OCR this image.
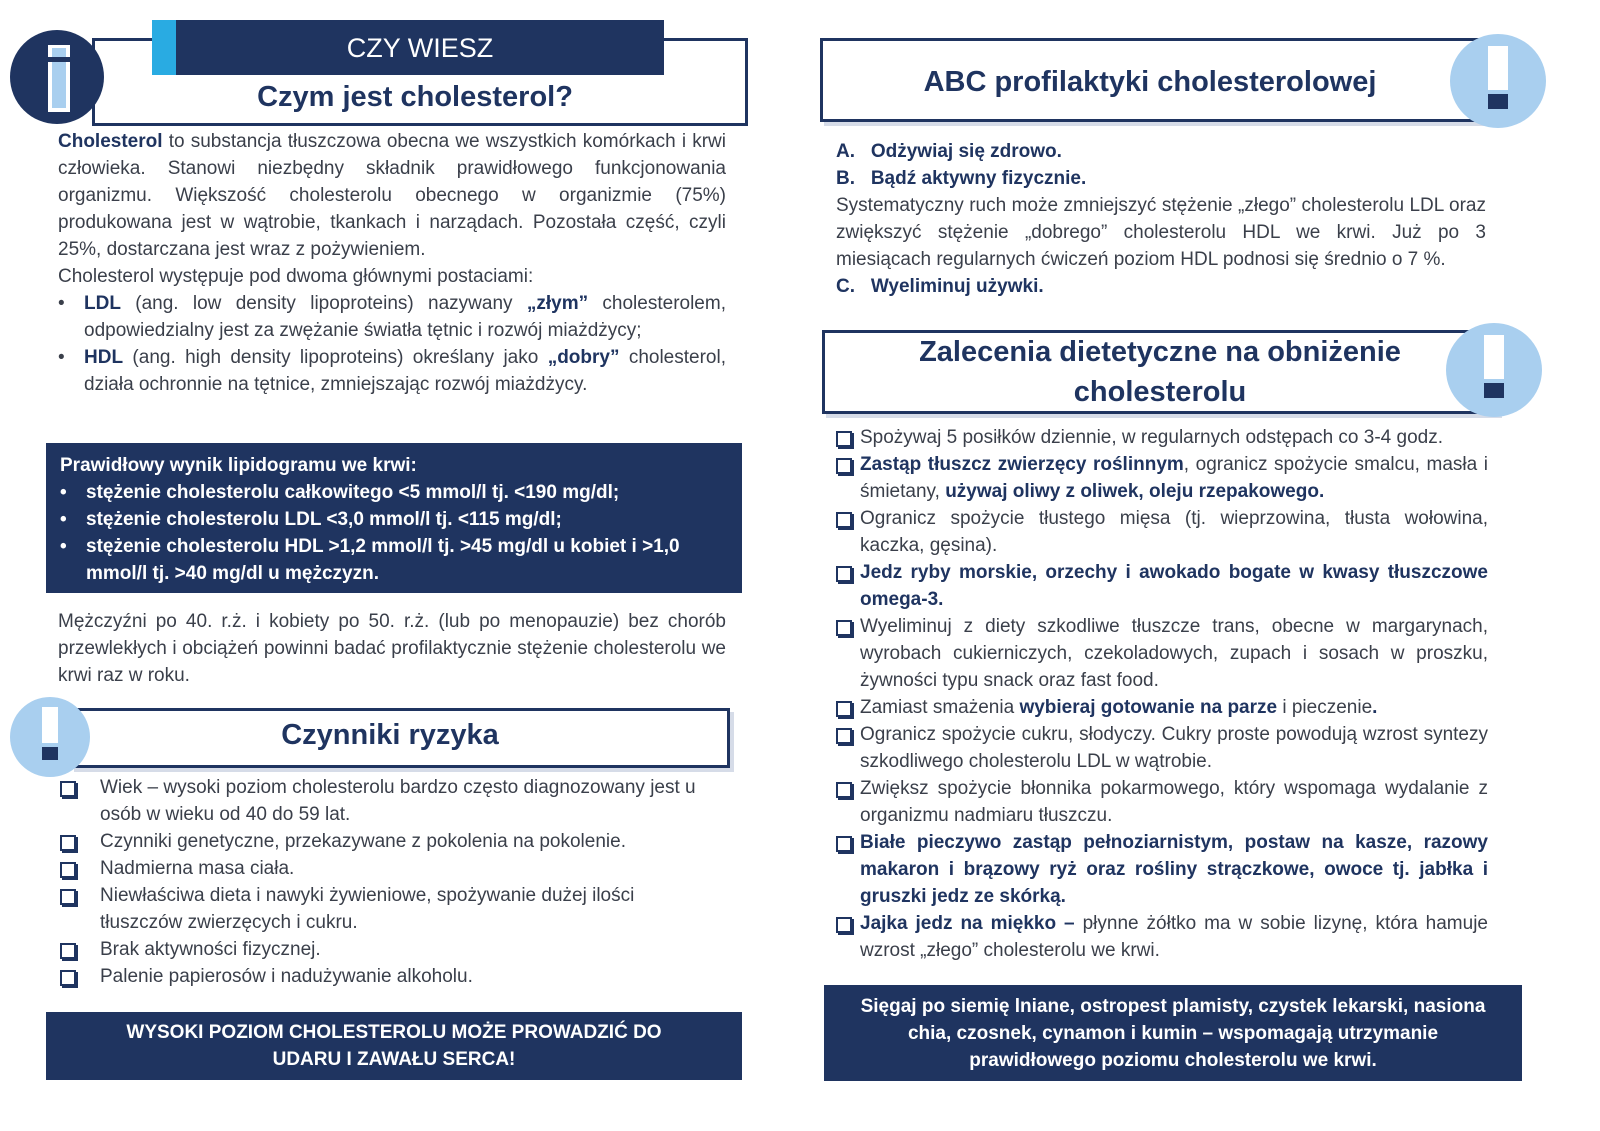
CZY WIESZ
Czym jest cholesterol?

Cholesterol to substancja tłuszczowa obecna we wszystkich komórkach i krwi człowieka. Stanowi niezbędny składnik prawidłowego funkcjonowania organizmu. Większość cholesterolu obecnego w organizmie (75%) produkowana jest w wątrobie, tkankach i narządach. Pozostała część, czyli 25%, dostarczana jest wraz z pożywieniem.

Cholesterol występuje pod dwoma głównymi postaciami:

• LDL (ang. low density lipoproteins) nazywany „złym” cholesterolem, odpowiedzialny jest za zwężanie światła tętnic i rozwój miażdżycy;
• HDL (ang. high density lipoproteins) określany jako „dobry” cholesterol, działa ochronnie na tętnice, zmniejszając rozwój miażdżycy.

Prawidłowy wynik lipidogramu we krwi:

• stężenie cholesterolu całkowitego <5 mmol/l tj. <190 mg/dl;
• stężenie cholesterolu LDL <3,0 mmol/l tj. <115 mg/dl;
• stężenie cholesterolu HDL >1,2 mmol/l tj. >45 mg/dl u kobiet i >1,0 mmol/l tj. >40 mg/dl u mężczyzn.
Mężczyźni po 40. r.ż. i kobiety po 50. r.ż. (lub po menopauzie) bez chorób przewlekłych i obciążeń powinni badać profilaktycznie stężenie cholesterolu we krwi raz w roku.
Czynniki ryzyka
Wiek – wysoki poziom cholesterolu bardzo często diagnozowany jest u osób w wieku od 40 do 59 lat.
Czynniki genetyczne, przekazywane z pokolenia na pokolenie.
Nadmierna masa ciała.
Niewłaściwa dieta i nawyki żywieniowe, spożywanie dużej ilości tłuszczów zwierzęcych i cukru.
Brak aktywności fizycznej.
Palenie papierosów i nadużywanie alkoholu.
WYSOKI POZIOM CHOLESTEROLU MOŻE PROWADZIĆ DO UDARU I ZAWAŁU SERCA!
ABC profilaktyki cholesterolowej

A.   Odżywiaj się zdrowo.

B.   Bądź aktywny fizycznie.

Systematyczny ruch może zmniejszyć stężenie „złego” cholesterolu LDL oraz zwiększyć stężenie „dobrego” cholesterolu HDL we krwi. Już po 3 miesiącach regularnych ćwiczeń poziom HDL podnosi się średnio o 7 %.

C.   Wyeliminuj używki.

Zalecenia dietetyczne na obniżenie
cholesterolu
Spożywaj 5 posiłków dziennie, w regularnych odstępach co 3-4 godz.
Zastąp tłuszcz zwierzęcy roślinnym, ogranicz spożycie smalcu, masła i śmietany, używaj oliwy z oliwek, oleju rzepakowego.
Ogranicz spożycie tłustego mięsa (tj. wieprzowina, tłusta wołowina, kaczka, gęsina).
Jedz ryby morskie, orzechy i awokado bogate w kwasy tłuszczowe omega-3.
Wyeliminuj z diety szkodliwe tłuszcze trans, obecne w margarynach, wyrobach cukierniczych, czekoladowych, zupach i sosach w proszku, żywności typu snack oraz fast food.
Zamiast smażenia wybieraj gotowanie na parze i pieczenie.
Ogranicz spożycie cukru, słodyczy. Cukry proste powodują wzrost syntezy szkodliwego cholesterolu LDL w wątrobie.
Zwiększ spożycie błonnika pokarmowego, który wspomaga wydalanie z organizmu nadmiaru tłuszczu.
Białe pieczywo zastąp pełnoziarnistym, postaw na kasze, razowy makaron i brązowy ryż oraz rośliny strączkowe, owoce tj. jabłka i gruszki jedz ze skórką.
Jajka jedz na miękko – płynne żółtko ma w sobie lizynę, która hamuje wzrost „złego” cholesterolu we krwi.
Sięgaj po siemię lniane, ostropest plamisty, czystek lekarski, nasiona chia, czosnek, cynamon i kumin – wspomagają utrzymanie prawidłowego poziomu cholesterolu we krwi.
